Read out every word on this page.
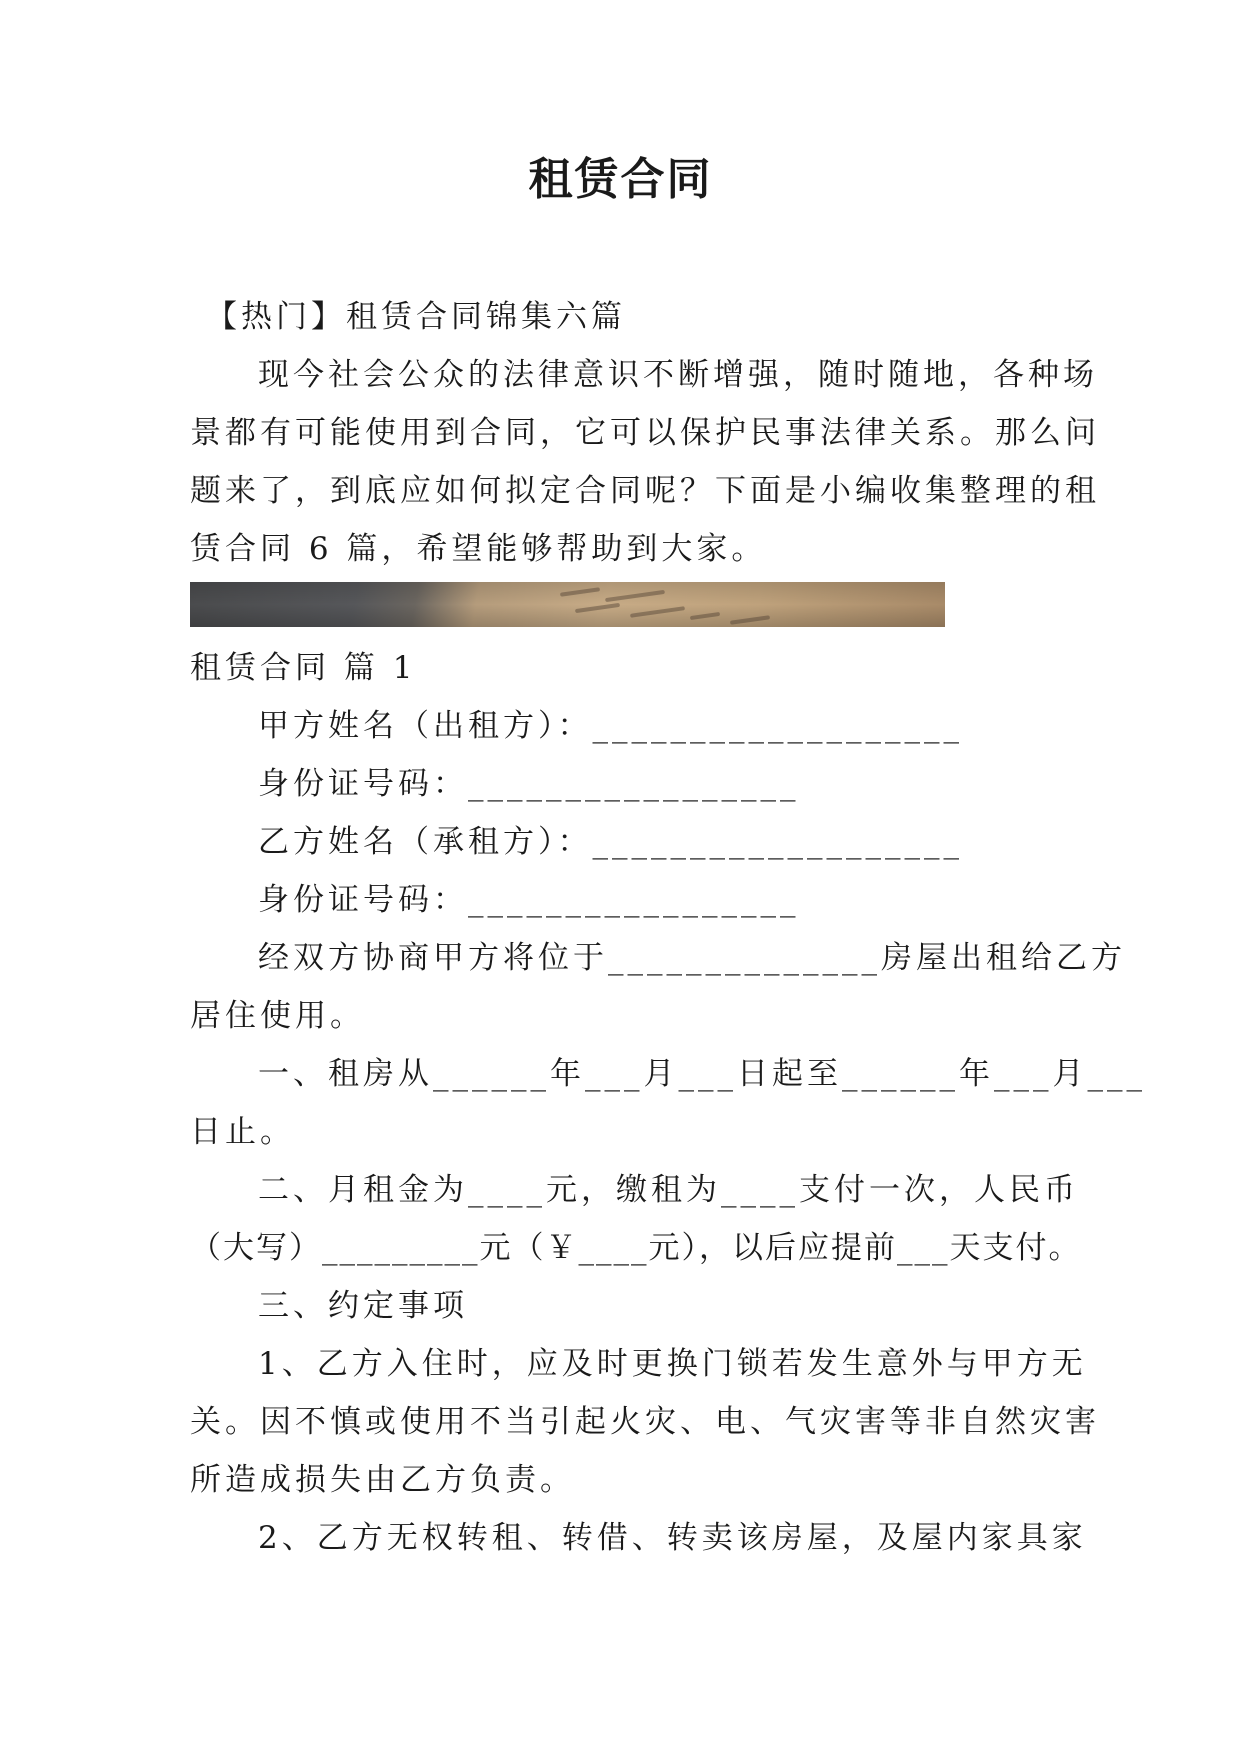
租赁合同
【热门】租赁合同锦集六篇
现今社会公众的法律意识不断增强，随时随地，各种场
景都有可能使用到合同，它可以保护民事法律关系。那么问
题来了，到底应如何拟定合同呢？下面是小编收集整理的租
赁合同 6 篇，希望能够帮助到大家。
租赁合同 篇 1
甲方姓名（出租方）：___________________
身份证号码：_________________
乙方姓名（承租方）：___________________
身份证号码：_________________
经双方协商甲方将位于______________房屋出租给乙方
居住使用。
一、租房从______年___月___日起至______年___月___
日止。
二、月租金为____元，缴租为____支付一次，人民币
（大写）_________元（￥____元），以后应提前___天支付。
三、约定事项
1、乙方入住时，应及时更换门锁若发生意外与甲方无
关。因不慎或使用不当引起火灾、电、气灾害等非自然灾害
所造成损失由乙方负责。
2、乙方无权转租、转借、转卖该房屋，及屋内家具家
